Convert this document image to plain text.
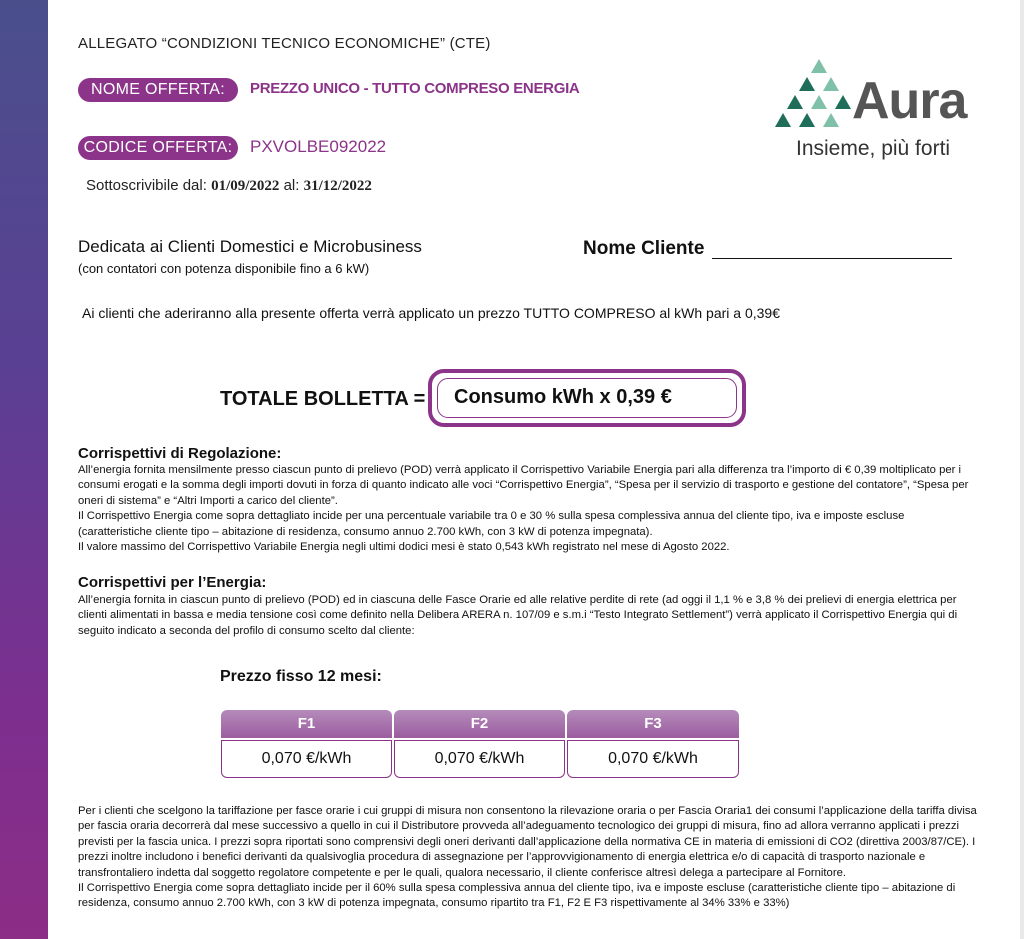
ALLEGATO “CONDIZIONI TECNICO ECONOMICHE” (CTE)
NOME OFFERTA:	PREZZO UNICO - TUTTO COMPRESO ENERGIA
CODICE OFFERTA:	PXVOLBE092022
Sottoscrivibile dal: 01/09/2022 al: 31/12/2022
Aura
Insieme, più forti
Dedicata ai Clienti Domestici e Microbusiness
(con contatori con potenza disponibile fino a 6 kW)
Nome Cliente
Ai clienti che aderiranno alla presente offerta verrà applicato un prezzo TUTTO COMPRESO al kWh pari a 0,39€
TOTALE BOLLETTA = Consumo kWh x 0,39 €
Corrispettivi di Regolazione:

All’energia fornita mensilmente presso ciascun punto di prelievo (POD) verrà applicato il Corrispettivo Variabile Energia pari alla differenza tra l’importo di € 0,39 moltiplicato per i consumi erogati e la somma degli importi dovuti in forza di quanto indicato alle voci “Corrispettivo Energia”, “Spesa per il servizio di trasporto e gestione del contatore”, “Spesa per oneri di sistema” e “Altri Importi a carico del cliente”.

Il Corrispettivo Energia come sopra dettagliato incide per una percentuale variabile tra 0 e 30 % sulla spesa complessiva annua del cliente tipo, iva e imposte escluse (caratteristiche cliente tipo – abitazione di residenza, consumo annuo 2.700 kWh, con 3 kW di potenza impegnata).

Il valore massimo del Corrispettivo Variabile Energia negli ultimi dodici mesi è stato 0,543 kWh registrato nel mese di Agosto 2022.

Corrispettivi per l’Energia:

All’energia fornita in ciascun punto di prelievo (POD) ed in ciascuna delle Fasce Orarie ed alle relative perdite di rete (ad oggi il 1,1 % e 3,8 % dei prelievi di energia elettrica per clienti alimentati in bassa e media tensione così come definito nella Delibera ARERA n. 107/09 e s.m.i “Testo Integrato Settlement”) verrà applicato il Corrispettivo Energia qui di seguito indicato a seconda del profilo di consumo scelto dal cliente:

Prezzo fisso 12 mesi:
F1	F2	F3
0,070 €/kWh	0,070 €/kWh	0,070 €/kWh

Per i clienti che scelgono la tariffazione per fasce orarie i cui gruppi di misura non consentono la rilevazione oraria o per Fascia Oraria1 dei consumi l’applicazione della tariffa divisa per fascia oraria decorrerà dal mese successivo a quello in cui il Distributore provveda all’adeguamento tecnologico dei gruppi di misura, fino ad allora verranno applicati i prezzi previsti per la fascia unica. I prezzi sopra riportati sono comprensivi degli oneri derivanti dall’applicazione della normativa CE in materia di emissioni di CO2 (direttiva 2003/87/CE). I prezzi inoltre includono i benefici derivanti da qualsivoglia procedura di assegnazione per l’approvvigionamento di energia elettrica e/o di capacità di trasporto nazionale e transfrontaliero indetta dal soggetto regolatore competente e per le quali, qualora necessario, il cliente conferisce altresì delega a partecipare al Fornitore.

Il Corrispettivo Energia come sopra dettagliato incide per il 60% sulla spesa complessiva annua del cliente tipo, iva e imposte escluse (caratteristiche cliente tipo – abitazione di residenza, consumo annuo 2.700 kWh, con 3 kW di potenza impegnata, consumo ripartito tra F1, F2 E F3 rispettivamente al 34% 33% e 33%)
